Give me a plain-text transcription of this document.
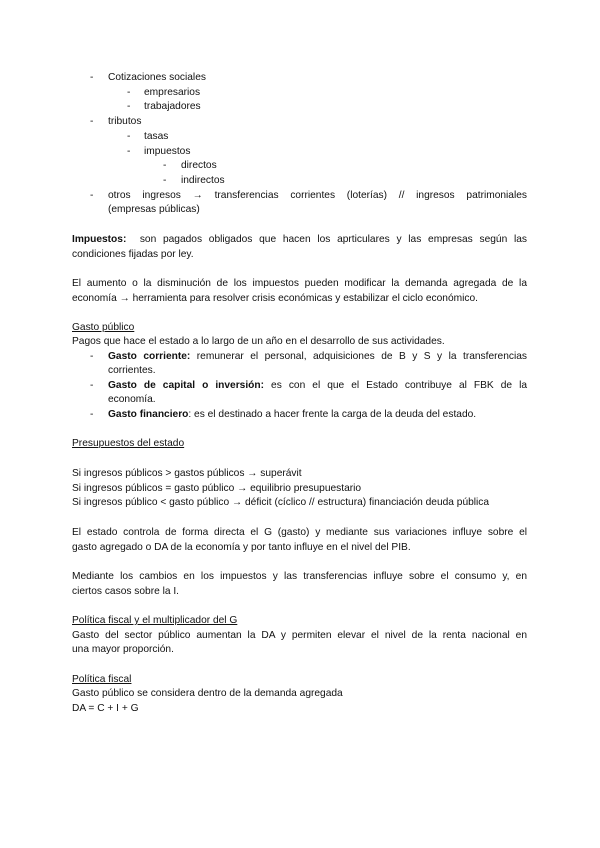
- Cotizaciones sociales
- empresarios
- trabajadores
- tributos
- tasas
- impuestos
- directos
- indirectos
- otros ingresos → transferencias corrientes (loterías) // ingresos patrimoniales
(empresas públicas)
Impuestos: son pagados obligados que hacen los aprticulares y las empresas según las
condiciones fijadas por ley.
El aumento o la disminución de los impuestos pueden modificar la demanda agregada de la
economía → herramienta para resolver crisis económicas y estabilizar el ciclo económico.
Gasto público
Pagos que hace el estado a lo largo de un año en el desarrollo de sus actividades.
- Gasto corriente: remunerar el personal, adquisiciones de B y S y la transferencias
corrientes.
- Gasto de capital o inversión: es con el que el Estado contribuye al FBK de la
economía.
- Gasto financiero: es el destinado a hacer frente la carga de la deuda del estado.
Presupuestos del estado
Si ingresos públicos > gastos públicos → superávit
Si ingresos públicos = gasto público → equilibrio presupuestario
Si ingresos público < gasto público → déficit (cíclico // estructura) financiación deuda pública
El estado controla de forma directa el G (gasto) y mediante sus variaciones influye sobre el
gasto agregado o DA de la economía y por tanto influye en el nivel del PIB.
Mediante los cambios en los impuestos y las transferencias influye sobre el consumo y, en
ciertos casos sobre la I.
Política fiscal y el multiplicador del G
Gasto del sector público aumentan la DA y permiten elevar el nivel de la renta nacional en
una mayor proporción.
Política fiscal
Gasto público se considera dentro de la demanda agregada
DA = C + I + G
